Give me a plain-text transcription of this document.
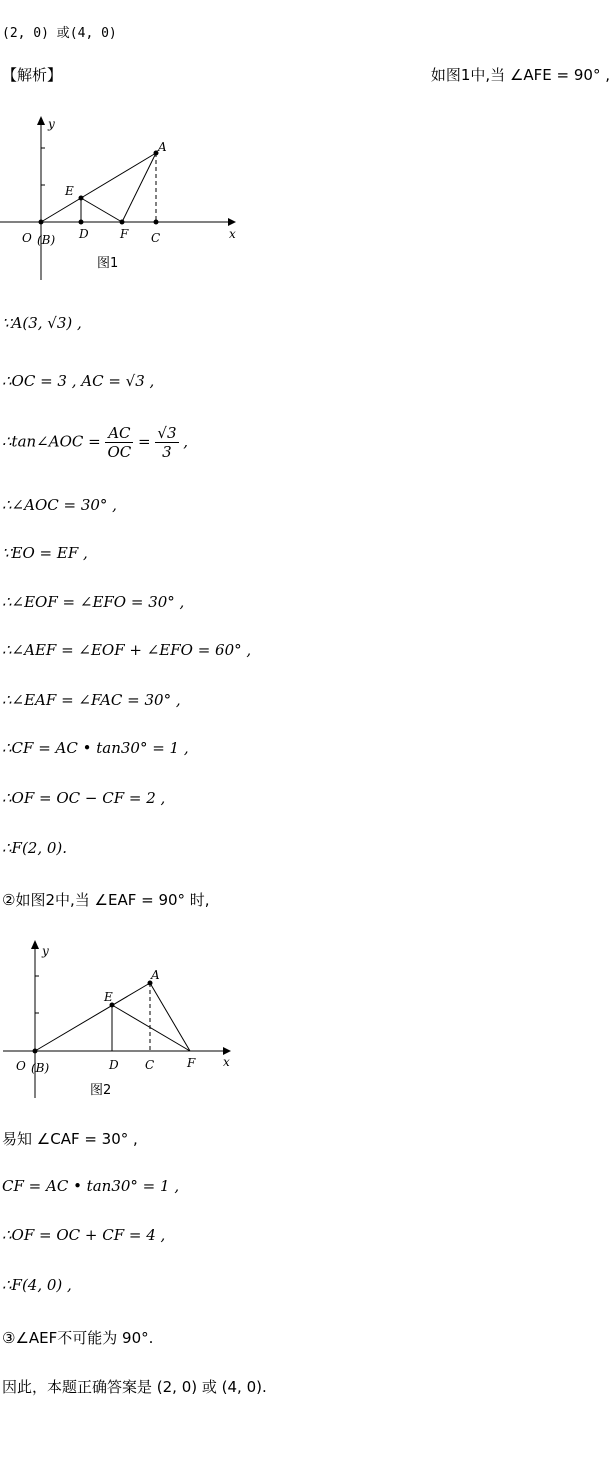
(2, 0) 或(4, 0)
【解析】	如图1中,当 ∠AFE = 90° ,
y
x
O (B) D	F C
E
A
图1
∵A(3, √3) ,
∴OC = 3 , AC = √3 ,
∴tan∠AOC = $\frac{AC}{OC} = \frac{√3}{3}$ ,
∴∠AOC = 30° ,
∵EO = EF ,
∴∠EOF = ∠EFO = 30° ,
∴∠AEF = ∠EOF + ∠EFO = 60° ,
∴∠EAF = ∠FAC = 30° ,
∴CF = AC • tan30° = 1 ,
∴OF = OC − CF = 2 ,
∴F(2, 0).
②如图2中,当 ∠EAF = 90° 时,
y
x
O (B)	D C	F
E
A
图2
易知 ∠CAF = 30° ,
CF = AC • tan30° = 1 ,
∴OF = OC + CF = 4 ,
∴F(4, 0) ,
③∠AEF不可能为 90°.
因此，本题正确答案是 (2, 0) 或 (4, 0).
